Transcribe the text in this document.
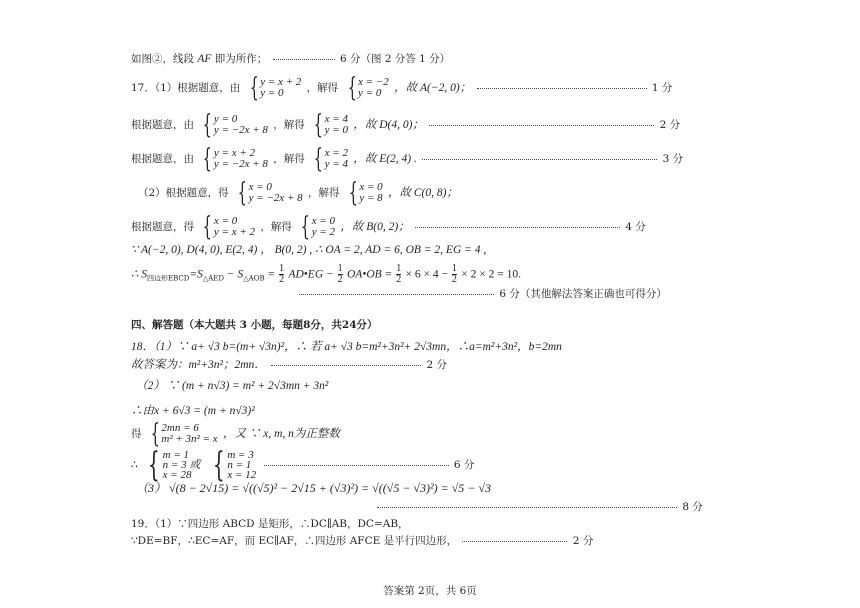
如图②，线段 AF 即为所作；	6 分（图 2 分答 1 分）
17．（1）根据题意，由 { y = x + 2
y = 0	，解得 { x = −2
y = 0	，故 A(−2, 0)；	1 分
根据题意，由 { y = 0
y = −2x + 8 ，解得 { x = 4
y = 0 ，故 D(4, 0)；	2 分
根据题意，由 { y = x + 2
y = −2x + 8 ，解得 { x = 2
y = 4 ，故 E(2, 4) .	3 分
（2）根据题意，得 { x = 0
y = −2x + 8 ，解得 { x = 0
y = 8 ，故 C(0, 8)；
根据题意，得 { x = 0
y = x + 2 ，解得 { x = 0
y = 2 ，故 B(0, 2)；	4 分
∵ A(−2, 0), D(4, 0), E(2, 4) ， B(0, 2) , ∴ OA = 2, AD = 6, OB = 2, EG = 4 ,
∴ $S_{四边形EBCD}=S_{\triangle AED} - S_{\triangle AOB} = \frac{1}{2}$ AD•EG − $\frac{1}{2}$ OA•OB = $\frac{1}{2} \times 6 \times 4 - \frac{1}{2} \times 2 \times 2 = 10$.
6 分（其他解法答案正确也可得分）
四、解答题（本大题共 3 小题，每题8分，共24分）
18．（1）∵ a+ √3 b=(m+ √3n)²，∴ 若 a+ √3 b=m²+3n²+ 2√3mn，∴a=m²+3n²，b=2mn
故答案为：m²+3n²；2mn．	2 分
（2） ∵ (m + n√3) = m² + 2√3mn + 3n²
∴由x + 6√3 = (m + n√3)²
得 { 2mn = 6
m² + 3n² = x ，又 ∵ x, m, n为正整数
∴ { m = 1
n = 3 或
x = 28
{ m = 3
n = 1
x = 12
6 分
（3） √(8 − 2√15) = √((√5)² − 2√15 + (√3)²) = √((√5 − √3)²) = √5 − √3
8 分
19．（1）∵四边形 ABCD 是矩形，∴DC∥AB，DC=AB，
∵DE=BF，∴EC=AF，而 EC∥AF，∴四边形 AFCE 是平行四边形，	2 分
答案第 2页，共 6页
